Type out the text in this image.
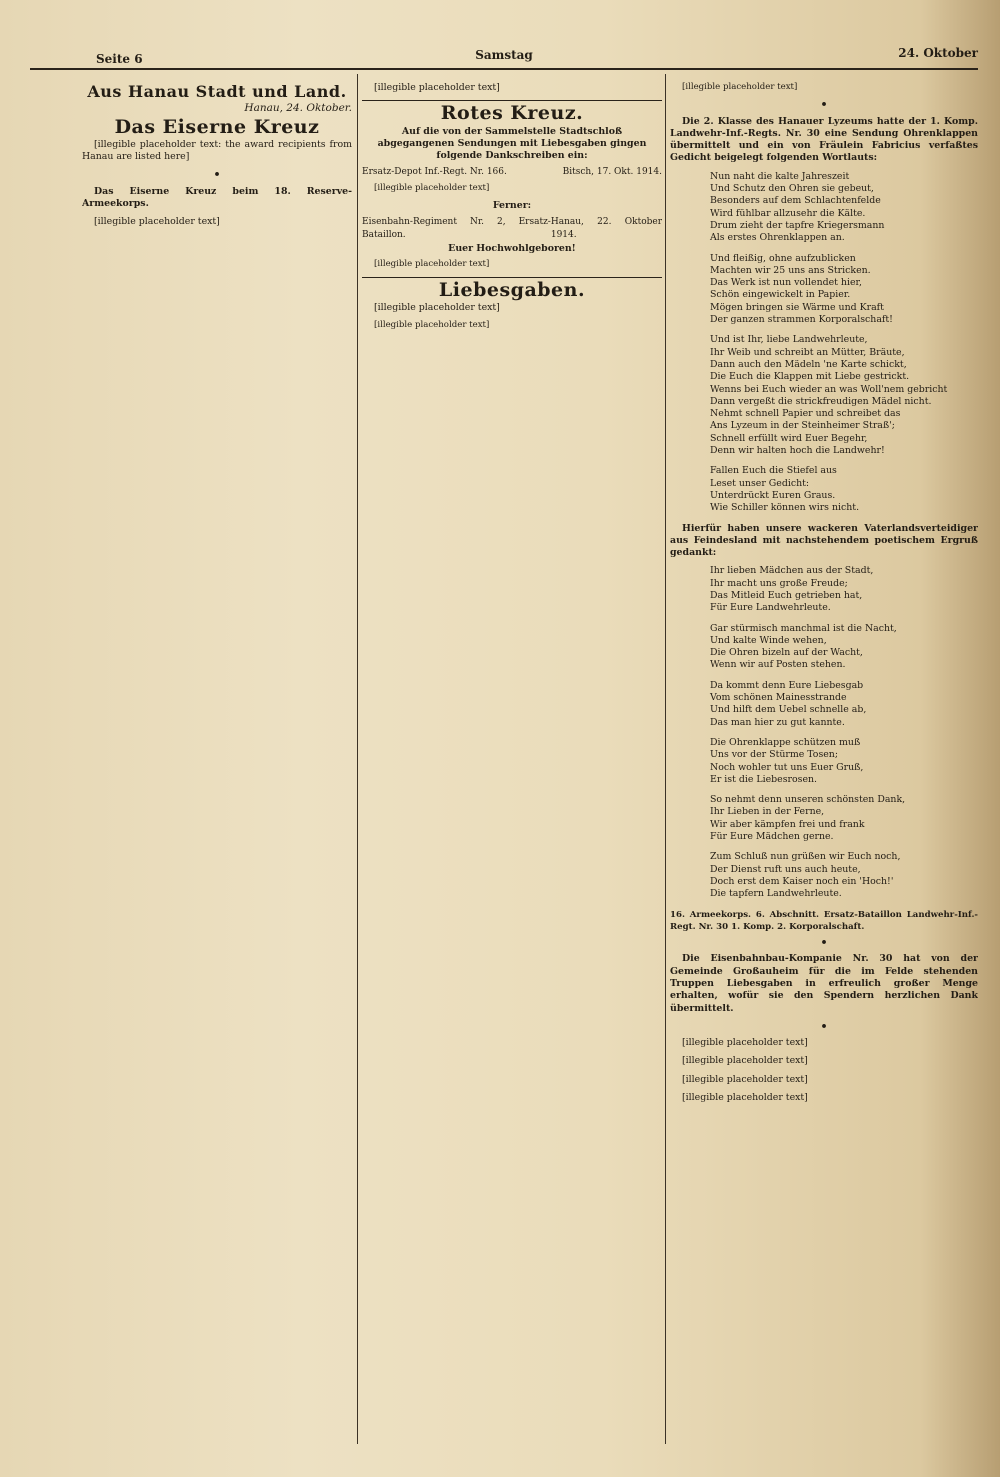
Seite 6	Samstag	24. Oktober
Aus Hanau Stadt und Land.
Hanau, 24. Oktober.
Das Eiserne Kreuz

[illegible placeholder text: the award recipients from Hanau are listed here]

•

Das Eiserne Kreuz beim 18. Reserve-Armeekorps.

[illegible placeholder text]

[illegible placeholder text]

Rotes Kreuz.

Auf die von der Sammelstelle Stadtschloß abgegangenen Sendungen mit Liebesgaben gingen folgende Dankschreiben ein:

Ersatz-Depot Inf.-Regt. Nr. 166.	Bitsch, 17. Okt. 1914.

[illegible placeholder text]

Ferner:

Eisenbahn-Regiment Nr. 2, Ersatz-Bataillon.
Hanau, 22. Oktober 1914.

Euer Hochwohlgeboren!

[illegible placeholder text]

Liebesgaben.

[illegible placeholder text]

[illegible placeholder text]

[illegible placeholder text]

•

Die 2. Klasse des Hanauer Lyzeums hatte der 1. Komp. Landwehr-Inf.-Regts. Nr. 30 eine Sendung Ohrenklappen übermittelt und ein von Fräulein Fabricius verfaßtes Gedicht beigelegt folgenden Wortlauts:

Nun naht die kalte Jahreszeit
Und Schutz den Ohren sie gebeut,
Besonders auf dem Schlachtenfelde
Wird fühlbar allzusehr die Kälte.
Drum zieht der tapfre Kriegersmann
Als erstes Ohrenklappen an.
Und fleißig, ohne aufzublicken
Machten wir 25 uns ans Stricken.
Das Werk ist nun vollendet hier,
Schön eingewickelt in Papier.
Mögen bringen sie Wärme und Kraft
Der ganzen strammen Korporalschaft!
Und ist Ihr, liebe Landwehrleute,
Ihr Weib und schreibt an Mütter, Bräute,
Dann auch den Mädeln 'ne Karte schickt,
Die Euch die Klappen mit Liebe gestrickt.
Wenns bei Euch wieder an was Woll'nem gebricht
Dann vergeßt die strickfreudigen Mädel nicht.
Nehmt schnell Papier und schreibet das
Ans Lyzeum in der Steinheimer Straß';
Schnell erfüllt wird Euer Begehr,
Denn wir halten hoch die Landwehr!
Fallen Euch die Stiefel aus
Leset unser Gedicht:
Unterdrückt Euren Graus.
Wie Schiller können wirs nicht.

Hierfür haben unsere wackeren Vaterlandsverteidiger aus Feindesland mit nachstehendem poetischem Ergruß gedankt:

Ihr lieben Mädchen aus der Stadt,
Ihr macht uns große Freude;
Das Mitleid Euch getrieben hat,
Für Eure Landwehrleute.
Gar stürmisch manchmal ist die Nacht,
Und kalte Winde wehen,
Die Ohren bizeln auf der Wacht,
Wenn wir auf Posten stehen.
Da kommt denn Eure Liebesgab
Vom schönen Mainesstrande
Und hilft dem Uebel schnelle ab,
Das man hier zu gut kannte.
Die Ohrenklappe schützen muß
Uns vor der Stürme Tosen;
Noch wohler tut uns Euer Gruß,
Er ist die Liebesrosen.
So nehmt denn unseren schönsten Dank,
Ihr Lieben in der Ferne,
Wir aber kämpfen frei und frank
Für Eure Mädchen gerne.
Zum Schluß nun grüßen wir Euch noch,
Der Dienst ruft uns auch heute,
Doch erst dem Kaiser noch ein 'Hoch!'
Die tapfern Landwehrleute.

16. Armeekorps. 6. Abschnitt. Ersatz-Bataillon Landwehr-Inf.-Regt. Nr. 30 1. Komp. 2. Korporalschaft.

•

Die Eisenbahnbau-Kompanie Nr. 30 hat von der Gemeinde Großauheim für die im Felde stehenden Truppen Liebesgaben in erfreulich großer Menge erhalten, wofür sie den Spendern herzlichen Dank übermittelt.

•

[illegible placeholder text]

[illegible placeholder text]

[illegible placeholder text]

[illegible placeholder text]
